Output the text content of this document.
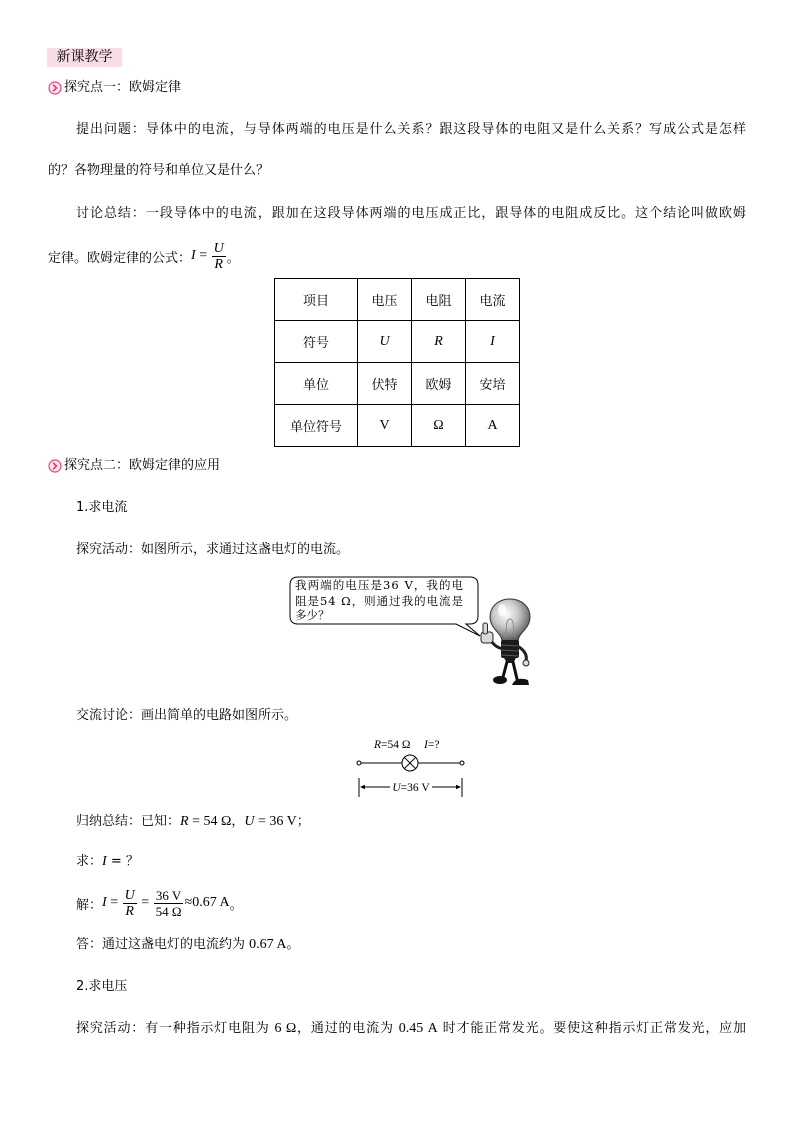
新课教学
探究点一：欧姆定律
提出问题：导体中的电流，与导体两端的电压是什么关系？跟这段导体的电阻又是什么关系？写成公式是怎样
的？各物理量的符号和单位又是什么？
讨论总结：一段导体中的电流，跟加在这段导体两端的电压成正比，跟导体的电阻成反比。这个结论叫做欧姆
定律。欧姆定律的公式： $I = \frac{U}{R}$ 。
项目	电压	电阻	电流
符号	U	R	I
单位	伏特	欧姆	安培
单位符号	V	Ω	A
探究点二：欧姆定律的应用
1.求电流
探究活动：如图所示，求通过这盏电灯的电流。
我两端的电压是36 V，我的电
阻是54 Ω，则通过我的电流是
多少？
交流讨论：画出简单的电路如图所示。
R=54 Ω I=?
U=36 V
归纳总结：已知： R = 54 Ω ， U = 36 V ；
求： I = ？
解： $I = \frac{U}{R} = \frac{36 V}{54 \Omega} \approx 0.67$ A 。
答：通过这盏电灯的电流约为 0.67 A 。
2.求电压
探究活动：有一种指示灯电阻为 6 Ω，通过的电流为 0.45 A 时才能正常发光。要使这种指示灯正常发光，应加
